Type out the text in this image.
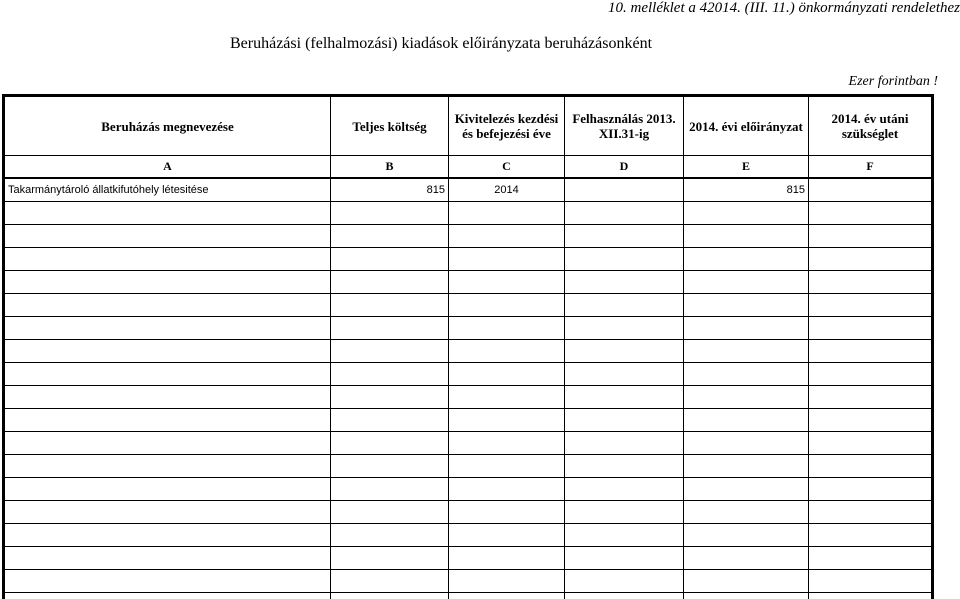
10. melléklet a 42014. (III. 11.) önkormányzati rendelethez
Beruházási (felhalmozási) kiadások előirányzata beruházásonként
Ezer forintban !
Beruházás megnevezése	Teljes költség	Kivitelezés kezdési és befejezési éve	Felhasználás 2013. XII.31-ig	2014. évi előirányzat	2014. év utáni szükséglet
A	B	C	D	E	F
Takarmánytároló állatkifutóhely létesitése	815	2014		815	
